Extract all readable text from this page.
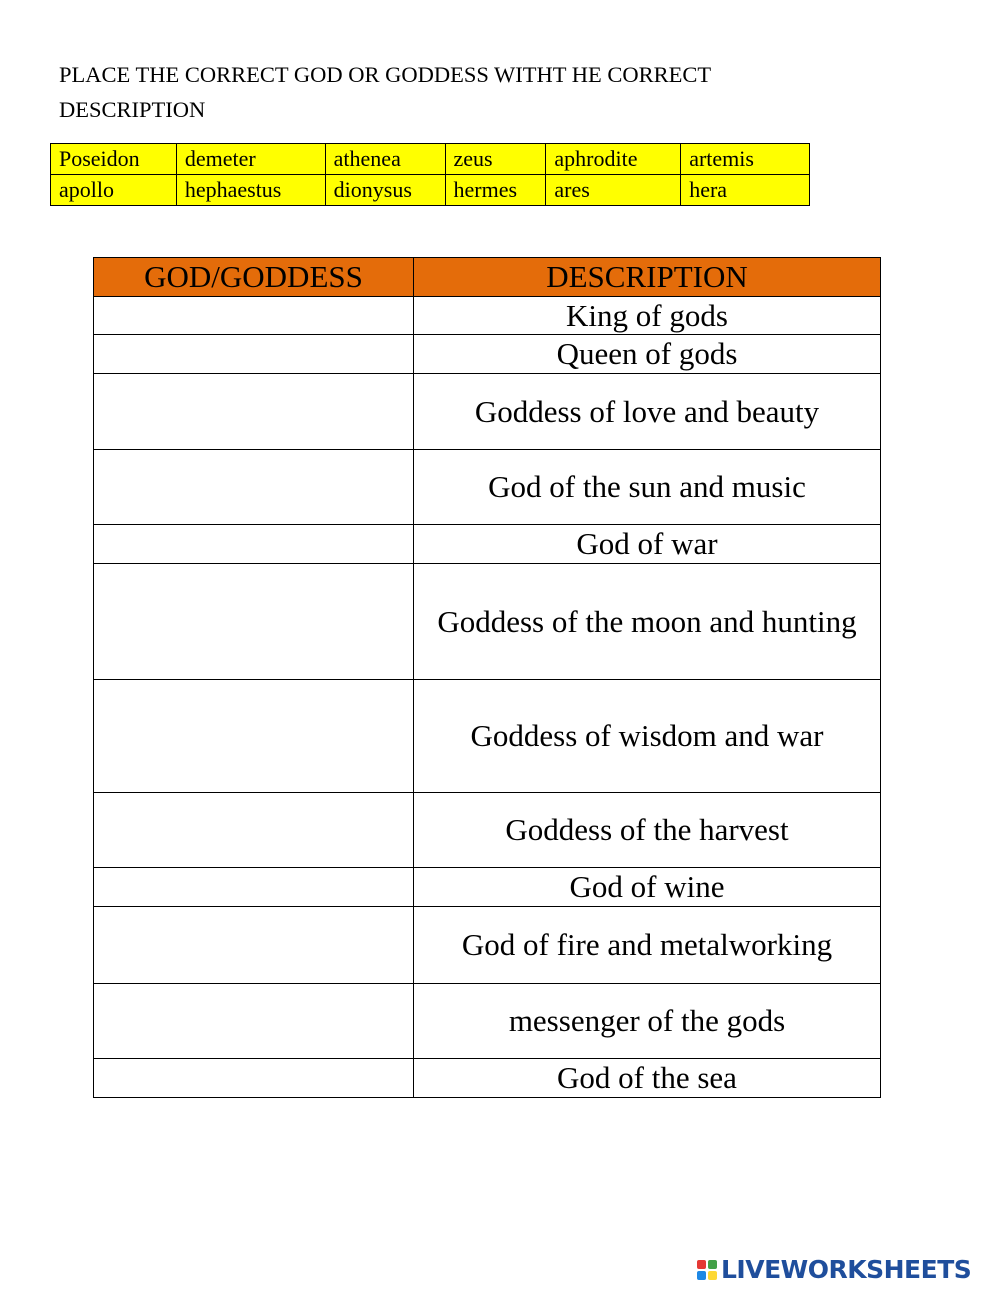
PLACE THE CORRECT GOD OR GODDESS WITHT HE CORRECT DESCRIPTION
Poseidon	demeter	athenea	zeus	aphrodite	artemis
apollo	hephaestus	dionysus	hermes	ares	hera
GOD/GODDESS	DESCRIPTION
	King of gods
	Queen of gods
	Goddess of love and beauty
	God of the sun and music
	God of war
	Goddess of the moon and hunting
	Goddess of wisdom and war
	Goddess of the harvest
	God of wine
	God of fire and metalworking
	messenger of the gods
	God of the sea
LIVEWORKSHEETS
